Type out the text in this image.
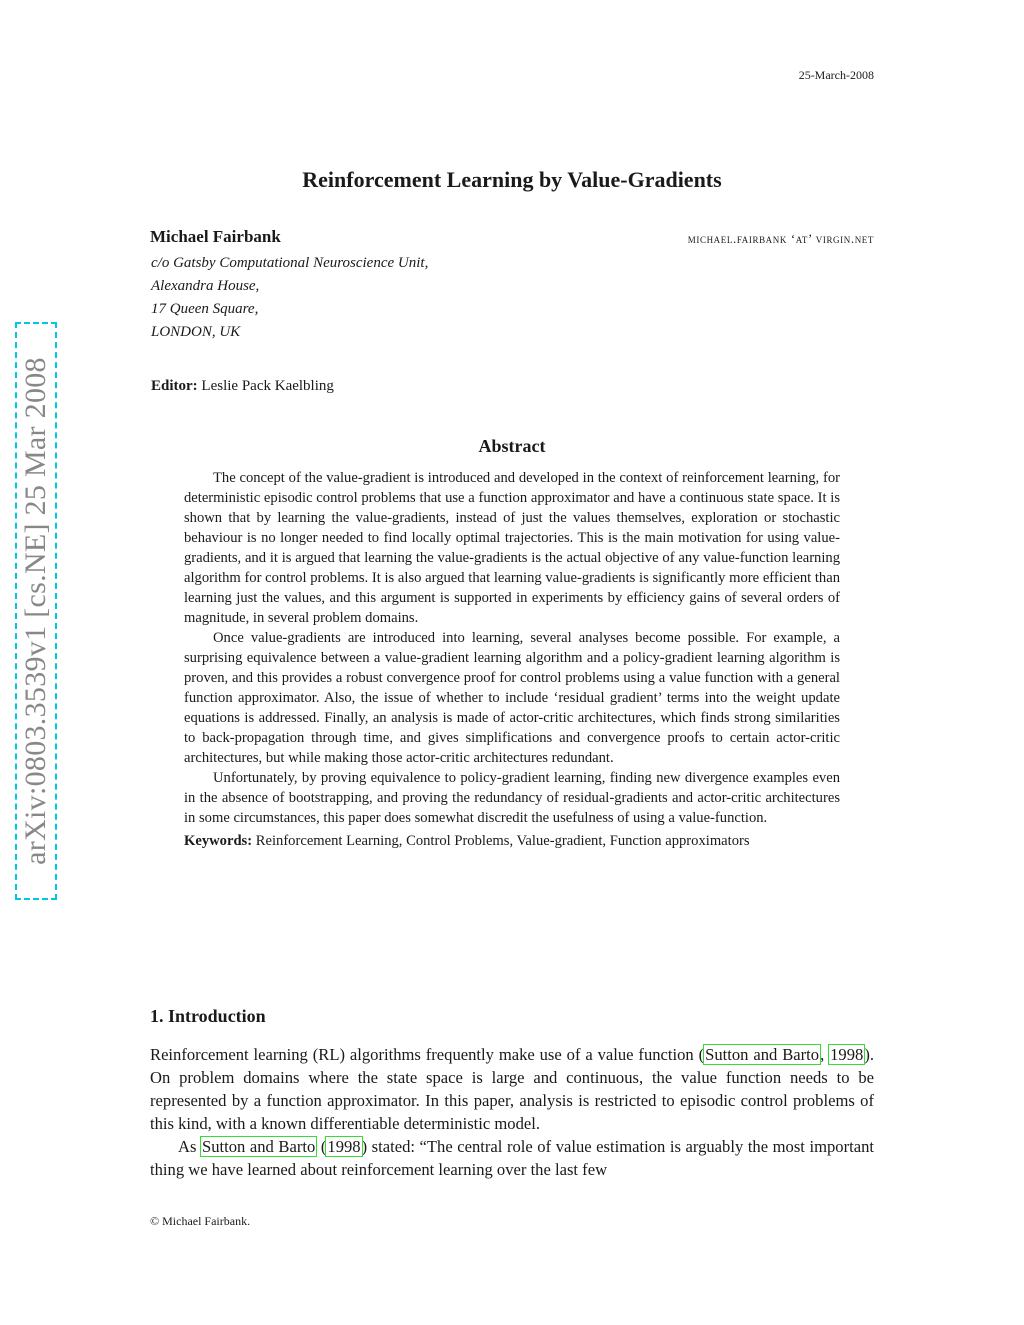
25-March-2008
arXiv:0803.3539v1 [cs.NE] 25 Mar 2008
Reinforcement Learning by Value-Gradients
Michael Fairbank	michael.fairbank ‘at’ virgin.net
c/o Gatsby Computational Neuroscience Unit,
Alexandra House,
17 Queen Square,
LONDON, UK
Editor: Leslie Pack Kaelbling
Abstract

The concept of the value-gradient is introduced and developed in the context of reinforcement learning, for deterministic episodic control problems that use a function approximator and have a continuous state space. It is shown that by learning the value-gradients, instead of just the values themselves, exploration or stochastic behaviour is no longer needed to find locally optimal trajectories. This is the main motivation for using value-gradients, and it is argued that learning the value-gradients is the actual objective of any value-function learning algorithm for control problems. It is also argued that learning value-gradients is significantly more efficient than learning just the values, and this argument is supported in experiments by efficiency gains of several orders of magnitude, in several problem domains.

Once value-gradients are introduced into learning, several analyses become possible. For example, a surprising equivalence between a value-gradient learning algorithm and a policy-gradient learning algorithm is proven, and this provides a robust convergence proof for control problems using a value function with a general function approximator. Also, the issue of whether to include ‘residual gradient’ terms into the weight update equations is addressed. Finally, an analysis is made of actor-critic architectures, which finds strong similarities to back-propagation through time, and gives simplifications and convergence proofs to certain actor-critic architectures, but while making those actor-critic architectures redundant.

Unfortunately, by proving equivalence to policy-gradient learning, finding new divergence examples even in the absence of bootstrapping, and proving the redundancy of residual-gradients and actor-critic architectures in some circumstances, this paper does somewhat discredit the usefulness of using a value-function.

Keywords: Reinforcement Learning, Control Problems, Value-gradient, Function approximators
1. Introduction

Reinforcement learning (RL) algorithms frequently make use of a value function (Sutton and Barto, 1998). On problem domains where the state space is large and continuous, the value function needs to be represented by a function approximator. In this paper, analysis is restricted to episodic control problems of this kind, with a known differentiable deterministic model.

As Sutton and Barto (1998) stated: “The central role of value estimation is arguably the most important thing we have learned about reinforcement learning over the last few

© Michael Fairbank.
